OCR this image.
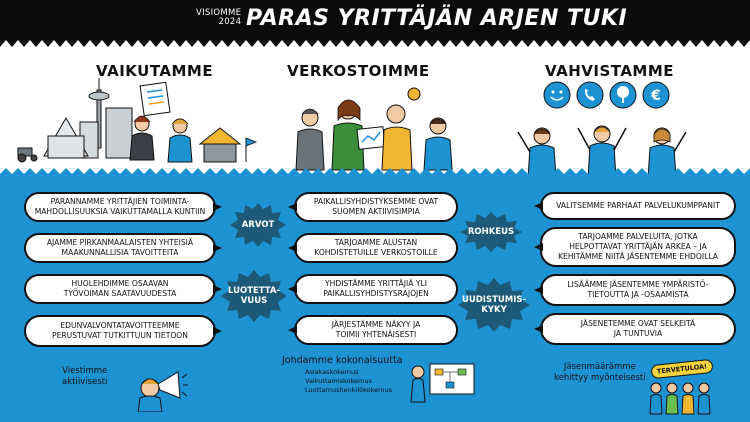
VISIOMME
2024 PARAS YRITTÄJÄN ARJEN TUKI
VAIKUTAMME	VERKOSTOIMME	VAHVISTAMME
€
PARANNAMME YRITTÄJIEN TOIMINTA-
MAHDOLLISUUKSIA VAIKUTTAMALLA KUNTIIN
AJAMME PIRKANMAALAISTEN YHTEISIÄ
MAAKUNNALLISIA TAVOITTEITA
HUOLEHDIMME OSAAVAN
TYÖVOIMAN SAATAVUUDESTA
EDUNVALVONTATAVOITTEEMME
PERUSTUVAT TUTKITTUUN TIETOON
PAIKALLISYHDISTYKSEMME OVAT
SUOMEN AKTIIVISIMPIA
TARJOAMME ALUSTAN
KOHDISTETUILLE VERKOSTOILLE
YHDISTÄMME YRITTÄJIÄ YLI
PAIKALLISYHDISTYSRAJOJEN
JÄRJESTÄMME NÄKYY JA
TOIMII YHTENÄISESTI
VALITSEMME PARHAAT PALVELUKUMPPANIT
TARJOAMME PALVELUITA, JOTKA
HELPOTTAVAT YRITTÄJÄN ARKEA – JA
KEHITÄMME NIITÄ JÄSENTEMME EHDOILLA
LISÄÄMME JÄSENTEMME YMPÄRISTÖ-
TIETOUTTA JA -OSAAMISTA
JÄSENETEMME OVAT SELKEITÄ
JA TUNTUVIA
ARVOT
LUOTETTA-
VUUS
ROHKEUS
UUDISTUMIS-
KYKY
Viestimme
aktiivisesti
Johdamme kokonaisuutta
Asiakaskokemus
Vaikuttamiskokemus
Luottamushenkilökokemus
Jäsenmäärämme
kehittyy myönteisesti
TERVETULOA!
